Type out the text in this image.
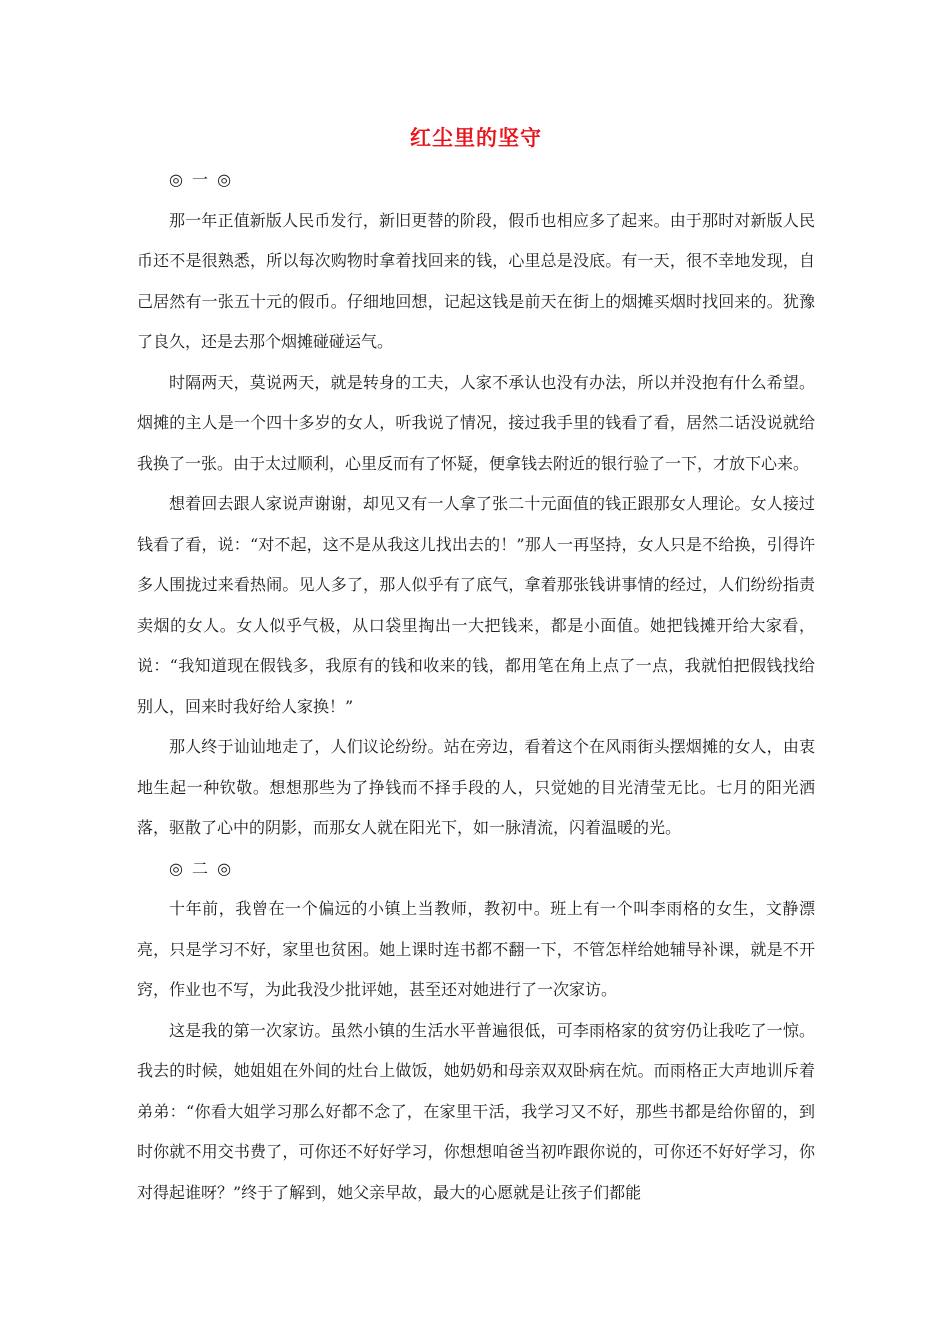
红尘里的坚守

◎ 一 ◎

那一年正值新版人民币发行，新旧更替的阶段，假币也相应多了起来。由于那时对新版人民币还不是很熟悉，所以每次购物时拿着找回来的钱，心里总是没底。有一天，很不幸地发现，自己居然有一张五十元的假币。仔细地回想，记起这钱是前天在街上的烟摊买烟时找回来的。犹豫了良久，还是去那个烟摊碰碰运气。

时隔两天，莫说两天，就是转身的工夫，人家不承认也没有办法，所以并没抱有什么希望。烟摊的主人是一个四十多岁的女人，听我说了情况，接过我手里的钱看了看，居然二话没说就给我换了一张。由于太过顺利，心里反而有了怀疑，便拿钱去附近的银行验了一下，才放下心来。

想着回去跟人家说声谢谢，却见又有一人拿了张二十元面值的钱正跟那女人理论。女人接过钱看了看，说：“对不起，这不是从我这儿找出去的！”那人一再坚持，女人只是不给换，引得许多人围拢过来看热闹。见人多了，那人似乎有了底气，拿着那张钱讲事情的经过，人们纷纷指责卖烟的女人。女人似乎气极，从口袋里掏出一大把钱来，都是小面值。她把钱摊开给大家看，说：“我知道现在假钱多，我原有的钱和收来的钱，都用笔在角上点了一点，我就怕把假钱找给别人，回来时我好给人家换！”

那人终于讪讪地走了，人们议论纷纷。站在旁边，看着这个在风雨街头摆烟摊的女人，由衷地生起一种钦敬。想想那些为了挣钱而不择手段的人，只觉她的目光清莹无比。七月的阳光洒落，驱散了心中的阴影，而那女人就在阳光下，如一脉清流，闪着温暖的光。

◎ 二 ◎

十年前，我曾在一个偏远的小镇上当教师，教初中。班上有一个叫李雨格的女生，文静漂亮，只是学习不好，家里也贫困。她上课时连书都不翻一下，不管怎样给她辅导补课，就是不开窍，作业也不写，为此我没少批评她，甚至还对她进行了一次家访。

这是我的第一次家访。虽然小镇的生活水平普遍很低，可李雨格家的贫穷仍让我吃了一惊。我去的时候，她姐姐在外间的灶台上做饭，她奶奶和母亲双双卧病在炕。而雨格正大声地训斥着弟弟：“你看大姐学习那么好都不念了，在家里干活，我学习又不好，那些书都是给你留的，到时你就不用交书费了，可你还不好好学习，你想想咱爸当初咋跟你说的，可你还不好好学习，你对得起谁呀？”终于了解到，她父亲早故，最大的心愿就是让孩子们都能
